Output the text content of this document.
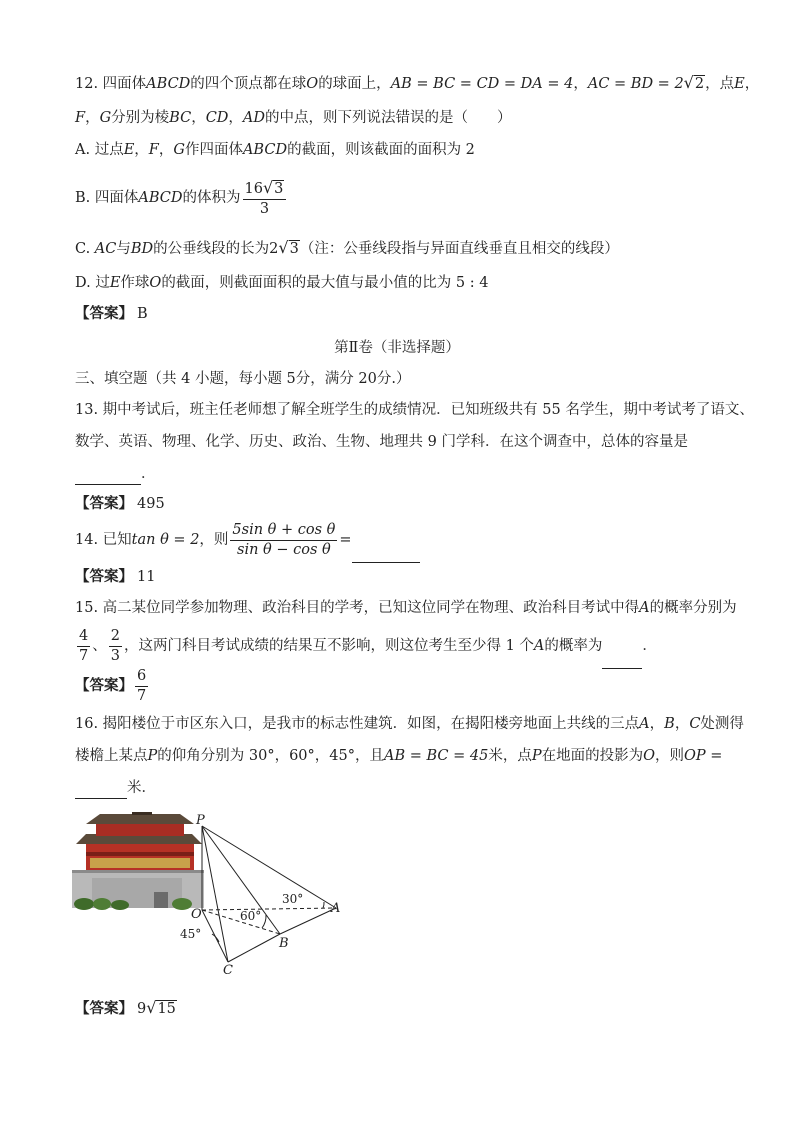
12. 四面体ABCD的四个顶点都在球O的球面上，AB = BC = CD = DA = 4，AC = BD = 2√2，点E，
F，G分别为棱BC，CD，AD的中点，则下列说法错误的是（　　）
A. 过点E，F，G作四面体ABCD的截面，则该截面的面积为 2
B. 四面体ABCD的体积为 $\frac{16√3}{3}$
C. AC与BD的公垂线段的长为2√3（注：公垂线段指与异面直线垂直且相交的线段）
D. 过E作球O的截面，则截面面积的最大值与最小值的比为 5 : 4
【答案】 B
第Ⅱ卷（非选择题）
三、填空题（共 4 小题，每小题 5分，满分 20分.）
13. 期中考试后，班主任老师想了解全班学生的成绩情况．已知班级共有 55 名学生，期中考试考了语文、
数学、英语、物理、化学、历史、政治、生物、地理共 9 门学科．在这个调查中，总体的容量是
．
【答案】 495
14. 已知tan θ = 2，则 $\frac{\text{5sin θ + cos θ}}{\text{sin θ − cos θ}}$ =
【答案】 11
15. 高二某位同学参加物理、政治科目的学考，已知这位同学在物理、政治科目考试中得A的概率分别为
$\frac{4}{7}$ 、 $\frac{2}{3}$ ，这两门科目考试成绩的结果互不影响，则这位考生至少得 1 个A的概率为	．
【答案】 $\frac{6}{7}$
16. 揭阳楼位于市区东入口，是我市的标志性建筑．如图，在揭阳楼旁地面上共线的三点A，B，C处测得
楼檐上某点P的仰角分别为 30°，60°，45°，且AB = BC = 45米，点P在地面的投影为O，则OP =
米．
P
O	A
B
C
30°
60°
45°
【答案】 9√15
